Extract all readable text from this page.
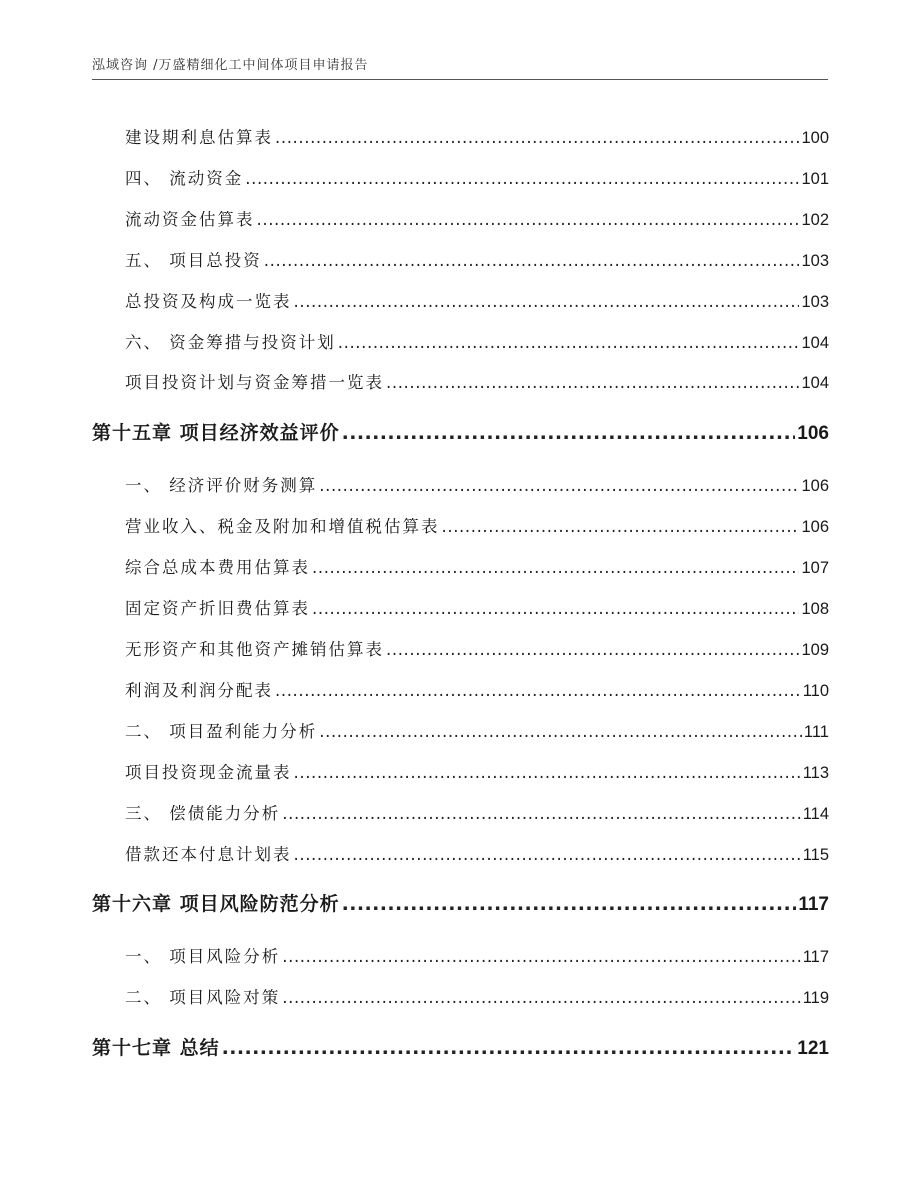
泓域咨询 /万盛精细化工中间体项目申请报告
建设期利息估算表 .....	100
四、 流动资金 .....	101
流动资金估算表 .....	102
五、 项目总投资 .....	103
总投资及构成一览表 .....	103
六、 资金筹措与投资计划 .....	104
项目投资计划与资金筹措一览表 .....	104
第十五章 项目经济效益评价 .....	106
一、 经济评价财务测算 .....	106
营业收入、税金及附加和增值税估算表 .....	106
综合总成本费用估算表 .....	107
固定资产折旧费估算表 .....	108
无形资产和其他资产摊销估算表 .....	109
利润及利润分配表 .....	110
二、 项目盈利能力分析 .....	111
项目投资现金流量表 .....	113
三、 偿债能力分析 .....	114
借款还本付息计划表 .....	115
第十六章 项目风险防范分析 .....	117
一、 项目风险分析 .....	117
二、 项目风险对策 .....	119
第十七章 总结 .....	121
